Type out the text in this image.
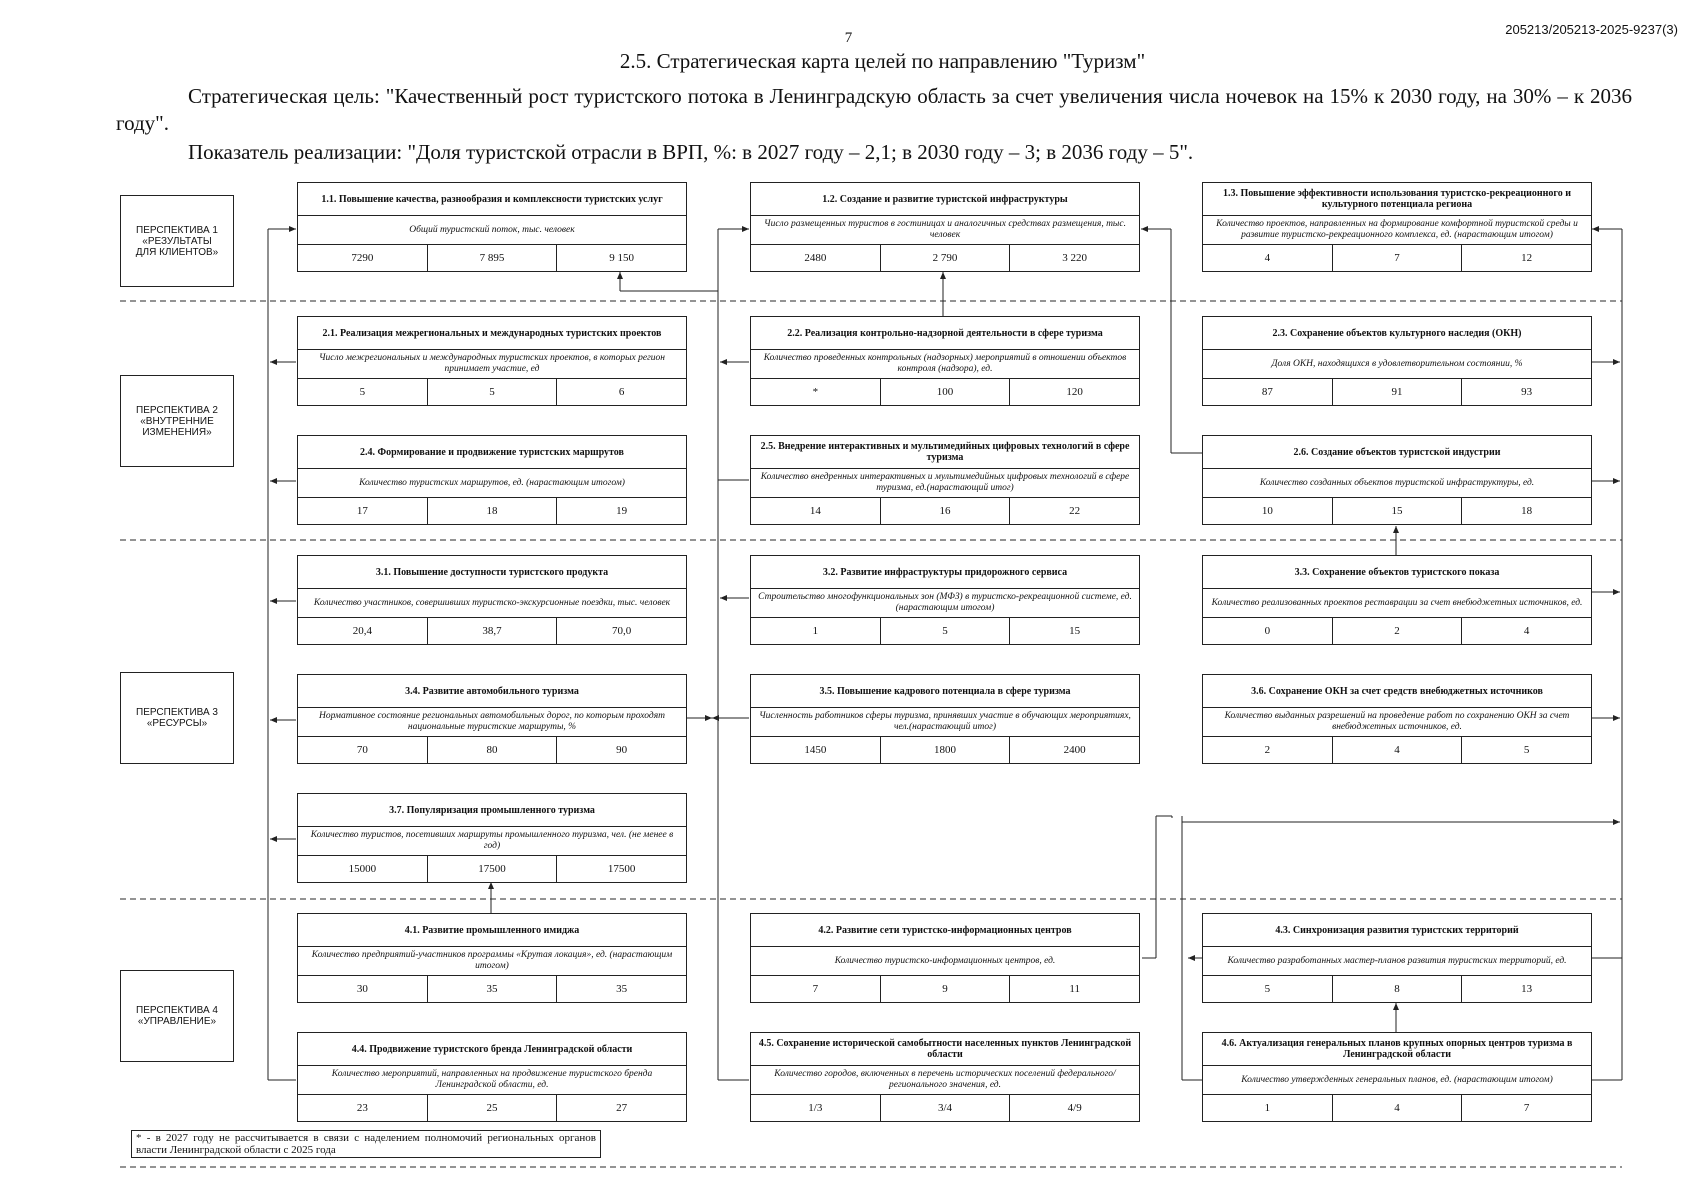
205213/205213-2025-9237(3)
7
2.5. Стратегическая карта целей по направлению "Туризм"
Стратегическая цель: "Качественный рост туристского потока в Ленинградскую область за счет увеличения числа ночевок на 15% к 2030 году, на 30% – к 2036 году".
Показатель реализации: "Доля туристской отрасли в ВРП, %: в 2027 году – 2,1; в 2030 году – 3; в 2036 году – 5".
ПЕРСПЕКТИВА 1
«РЕЗУЛЬТАТЫ
ДЛЯ КЛИЕНТОВ»
ПЕРСПЕКТИВА 2
«ВНУТРЕННИЕ
ИЗМЕНЕНИЯ»
ПЕРСПЕКТИВА 3
«РЕСУРСЫ»
ПЕРСПЕКТИВА 4
«УПРАВЛЕНИЕ»
1.1. Повышение качества, разнообразия и комплексности туристских услуг
Общий туристский поток, тыс. человек
7290	7 895	9 150
1.2. Создание и развитие туристской инфраструктуры
Число размещенных туристов в гостиницах и аналогичных средствах размещения, тыс. человек
2480	2 790	3 220
1.3. Повышение эффективности использования туристско-рекреационного и культурного потенциала региона
Количество проектов, направленных на формирование комфортной туристской среды и развитие туристско-рекреационного комплекса, ед. (нарастающим итогом)
4	7	12
2.1. Реализация межрегиональных и международных туристских проектов
Число межрегиональных и международных туристских проектов, в которых регион принимает участие, ед
5	5	6
2.2. Реализация контрольно-надзорной деятельности в сфере туризма
Количество проведенных контрольных (надзорных) мероприятий в отношении объектов контроля (надзора), ед.
*	100	120
2.3. Сохранение объектов культурного наследия (ОКН)
Доля ОКН, находящихся в удовлетворительном состоянии, %
87	91	93
2.4. Формирование и продвижение туристских маршрутов
Количество туристских маршрутов, ед. (нарастающим итогом)
17	18	19
2.5. Внедрение интерактивных и мультимедийных цифровых технологий в сфере туризма
Количество внедренных интерактивных и мультимедийных цифровых технологий в сфере туризма, ед.(нарастающий итог)
14	16	22
2.6. Создание объектов туристской индустрии
Количество созданных объектов туристской инфраструктуры, ед.
10	15	18
3.1. Повышение доступности туристского продукта
Количество участников, совершивших туристско-экскурсионные поездки, тыс. человек
20,4	38,7	70,0
3.2. Развитие инфраструктуры придорожного сервиса
Строительство многофункциональных зон (МФЗ) в туристско-рекреационной системе, ед. (нарастающим итогом)
1	5	15
3.3. Сохранение объектов туристского показа
Количество реализованных проектов реставрации за счет внебюджетных источников, ед.
0	2	4
3.4. Развитие автомобильного туризма
Нормативное состояние региональных автомобильных дорог, по которым проходят национальные туристские маршруты, %
70	80	90
3.5. Повышение кадрового потенциала в сфере туризма
Численность работников сферы туризма, принявших участие в обучающих мероприятиях, чел.(нарастающий итог)
1450	1800	2400
3.6. Сохранение ОКН за счет средств внебюджетных источников
Количество выданных разрешений на проведение работ по сохранению ОКН за счет внебюджетных источников, ед.
2	4	5
3.7. Популяризация промышленного туризма
Количество туристов, посетивших маршруты промышленного туризма, чел. (не менее в год)
15000	17500	17500
4.1. Развитие промышленного имиджа
Количество предприятий-участников программы «Крутая локация», ед. (нарастающим итогом)
30	35	35
4.2. Развитие сети туристско-информационных центров
Количество туристско-информационных центров, ед.
7	9	11
4.3. Синхронизация развития туристских территорий
Количество разработанных мастер-планов развития туристских территорий, ед.
5	8	13
4.4. Продвижение туристского бренда Ленинградской области
Количество мероприятий, направленных на продвижение туристского бренда Ленинградской области, ед.
23	25	27
4.5. Сохранение исторической самобытности населенных пунктов Ленинградской области
Количество городов, включенных в перечень исторических поселений федерального/регионального значения, ед.
1/3	3/4	4/9
4.6. Актуализация генеральных планов крупных опорных центров туризма в Ленинградской области
Количество утвержденных генеральных планов, ед. (нарастающим итогом)
1	4	7
* - в 2027 году не рассчитывается в связи с наделением полномочий региональных органов власти Ленинградской области с 2025 года
